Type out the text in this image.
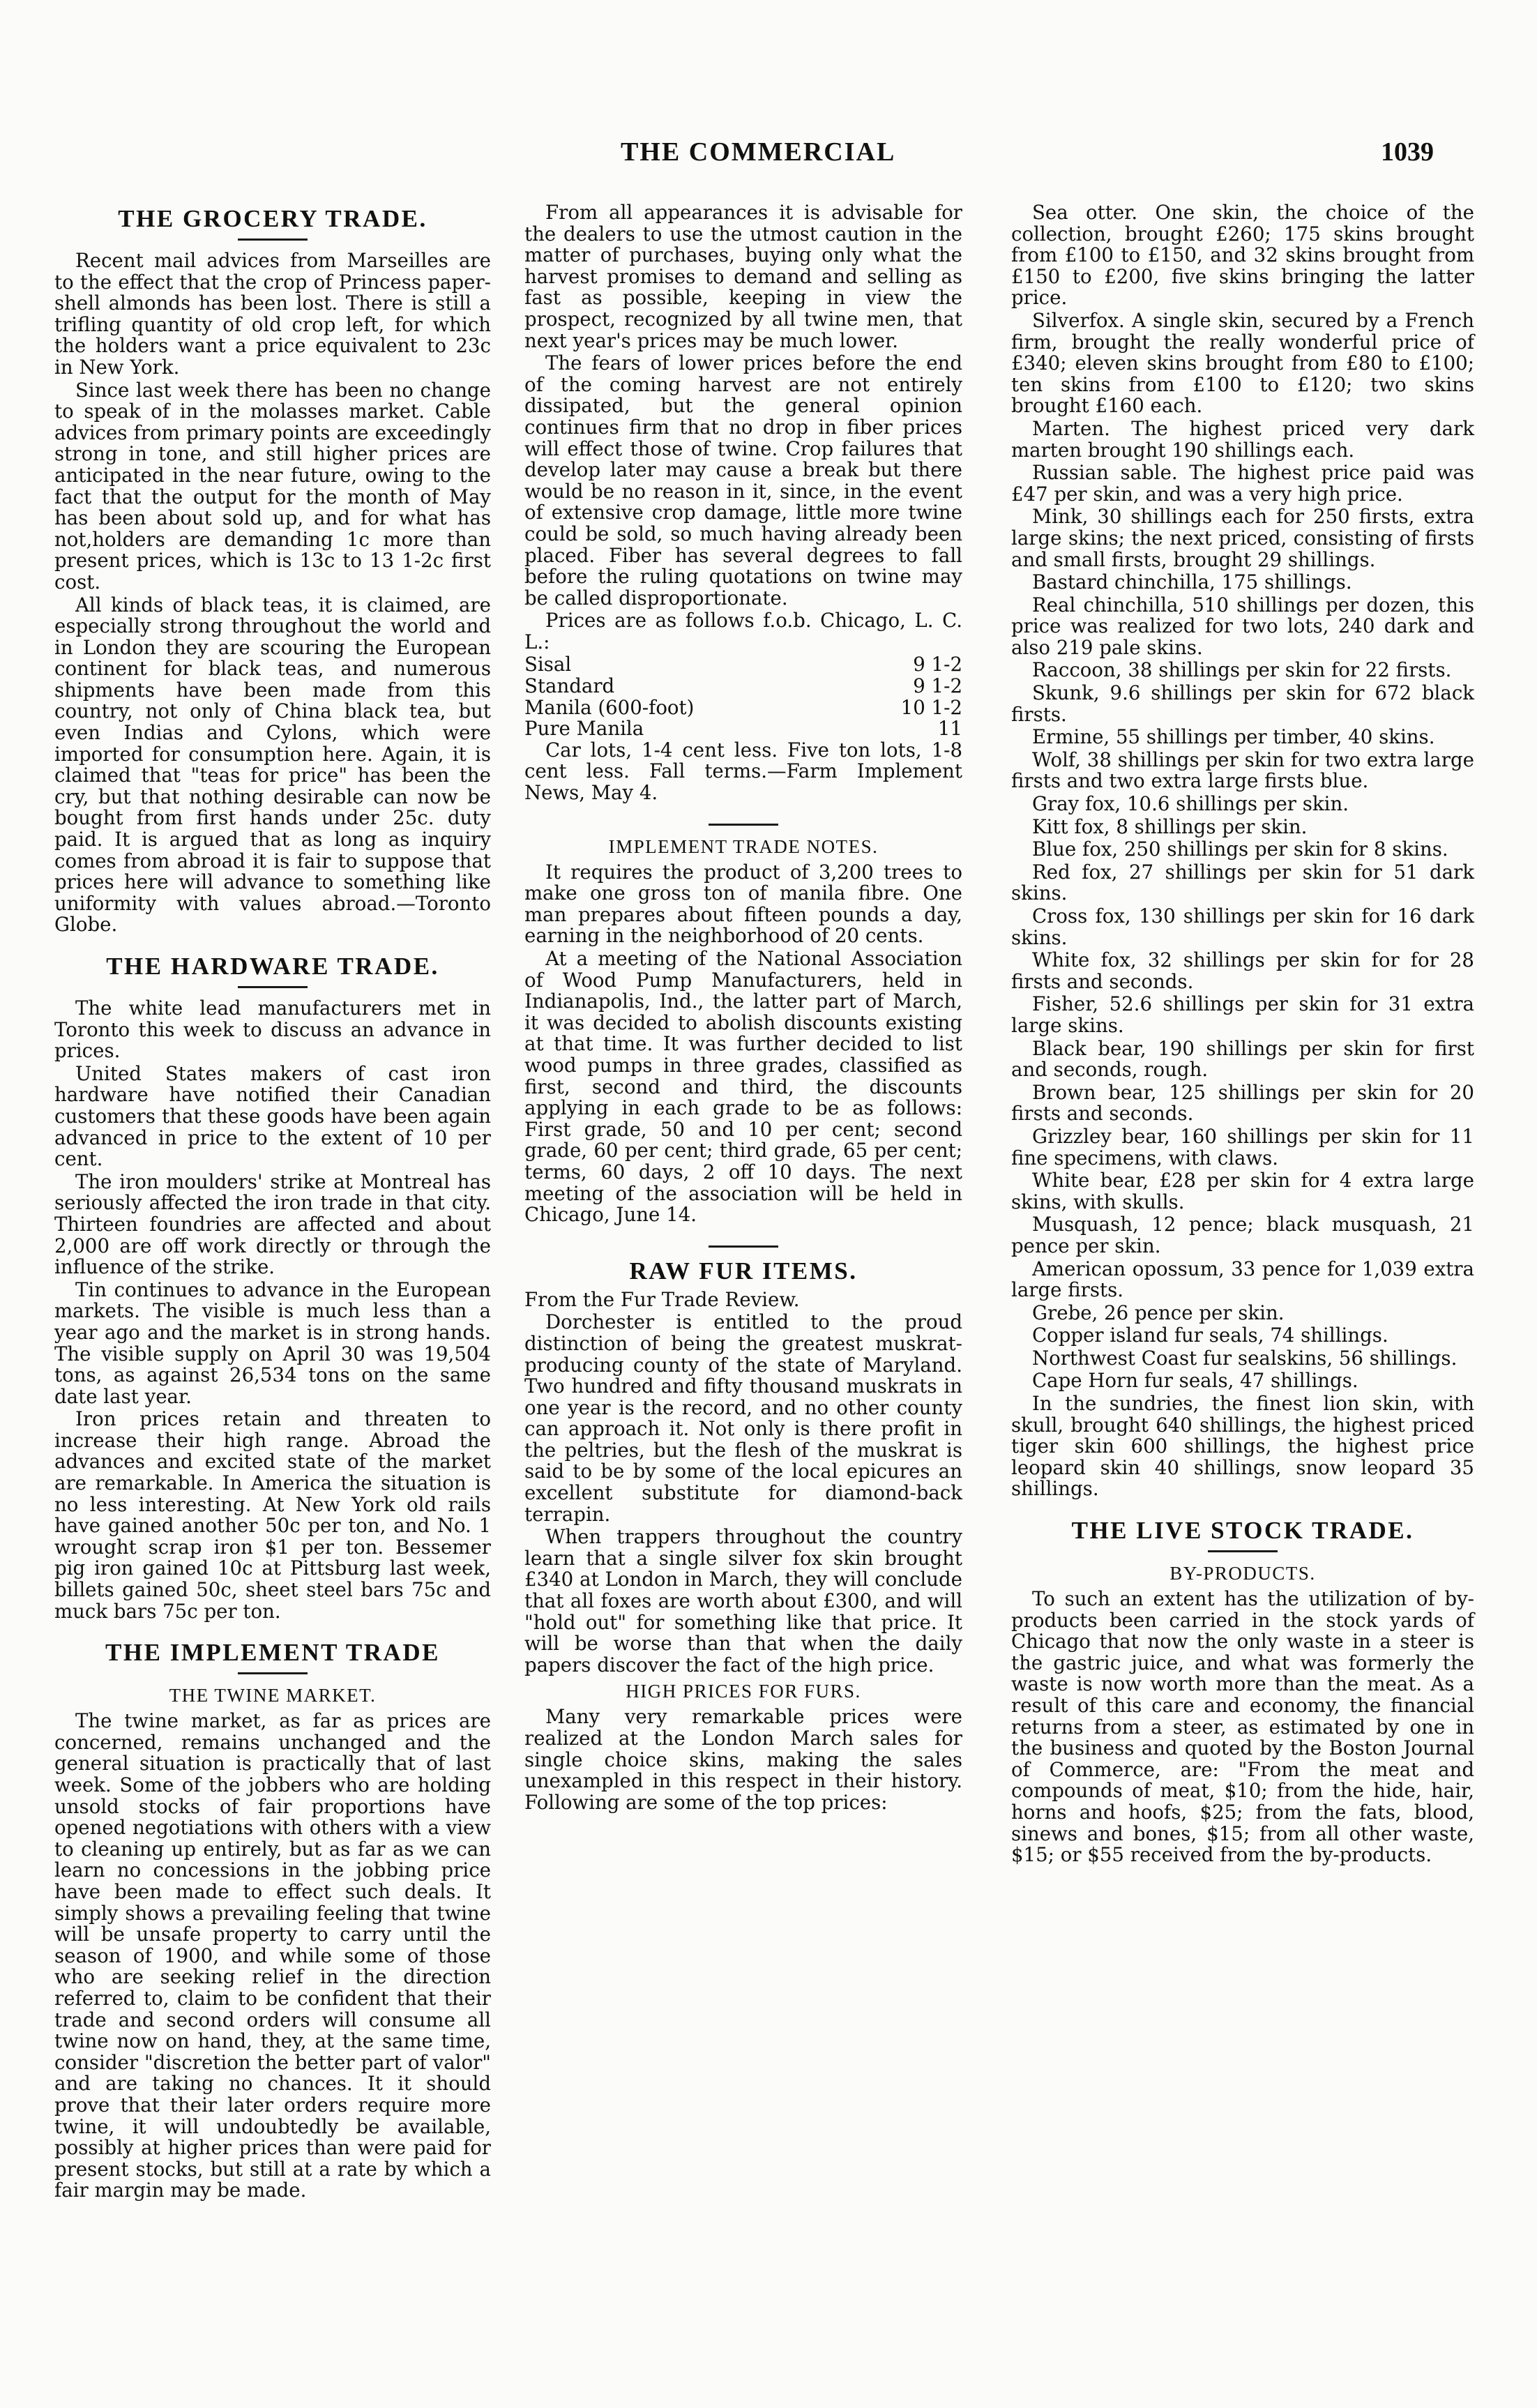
THE COMMERCIAL	1039
THE GROCERY TRADE.

Recent mail advices from Marseilles are to the effect that the crop of Princess paper-shell almonds has been lost. There is still a trifling quantity of old crop left, for which the holders want a price equivalent to 23c in New York.

Since last week there has been no change to speak of in the molasses market. Cable advices from primary points are exceedingly strong in tone, and still higher prices are anticipated in the near future, owing to the fact that the output for the month of May has been about sold up, and for what has not,holders are demanding 1c more than present prices, which is 13c to 13 1-2c first cost.

All kinds of black teas, it is claimed, are especially strong throughout the world and in London they are scouring the European continent for black teas, and numerous shipments have been made from this country, not only of China black tea, but even Indias and Cylons, which were imported for consumption here. Again, it is claimed that "teas for price" has been the cry, but that nothing desirable can now be bought from first hands under 25c. duty paid. It is argued that as long as inquiry comes from abroad it is fair to suppose that prices here will advance to something like uniformity with values abroad.—Toronto Globe.

THE HARDWARE TRADE.

The white lead manufacturers met in Toronto this week to discuss an advance in prices.

United States makers of cast iron hardware have notified their Canadian customers that these goods have been again advanced in price to the extent of 10 per cent.

The iron moulders' strike at Montreal has seriously affected the iron trade in that city. Thirteen foundries are affected and about 2,000 are off work directly or through the influence of the strike.

Tin continues to advance in the European markets. The visible is much less than a year ago and the market is in strong hands. The visible supply on April 30 was 19,504 tons, as against 26,534 tons on the same date last year.

Iron prices retain and threaten to increase their high range. Abroad the advances and excited state of the market are remarkable. In America the situation is no less interesting. At New York old rails have gained another 50c per ton, and No. 1 wrought scrap iron $1 per ton. Bessemer pig iron gained 10c at Pittsburg last week, billets gained 50c, sheet steel bars 75c and muck bars 75c per ton.

THE IMPLEMENT TRADE
THE TWINE MARKET.

The twine market, as far as prices are concerned, remains unchanged and the general situation is practically that of last week. Some of the jobbers who are holding unsold stocks of fair proportions have opened negotiations with others with a view to cleaning up entirely, but as far as we can learn no concessions in the jobbing price have been made to effect such deals. It simply shows a prevailing feeling that twine will be unsafe property to carry until the season of 1900, and while some of those who are seeking relief in the direction referred to, claim to be confident that their trade and second orders will consume all twine now on hand, they, at the same time, consider "discretion the better part of valor" and are taking no chances. It it should prove that their later orders require more twine, it will undoubtedly be available, possibly at higher prices than were paid for present stocks, but still at a rate by which a fair margin may be made.

From all appearances it is advisable for the dealers to use the utmost caution in the matter of purchases, buying only what the harvest promises to demand and selling as fast as possible, keeping in view the prospect, recognized by all twine men, that next year's prices may be much lower.

The fears of lower prices before the end of the coming harvest are not entirely dissipated, but the general opinion continues firm that no drop in fiber prices will effect those of twine. Crop failures that develop later may cause a break but there would be no reason in it, since, in the event of extensive crop damage, little more twine could be sold, so much having already been placed. Fiber has several degrees to fall before the ruling quotations on twine may be called disproportionate.

Prices are as follows f.o.b. Chicago, L. C. L.:

Sisal	9 1-2
Standard	9 1-2
Manila (600-foot)	10 1-2
Pure Manila	11

Car lots, 1-4 cent less. Five ton lots, 1-8 cent less. Fall terms.—Farm Implement News, May 4.

IMPLEMENT TRADE NOTES.

It requires the product of 3,200 trees to make one gross ton of manila fibre. One man prepares about fifteen pounds a day, earning in the neighborhood of 20 cents.

At a meeting of the National Association of Wood Pump Manufacturers, held in Indianapolis, Ind., the latter part of March, it was decided to abolish discounts existing at that time. It was further decided to list wood pumps in three grades, classified as first, second and third, the discounts applying in each grade to be as follows: First grade, 50 and 10 per cent; second grade, 60 per cent; third grade, 65 per cent; terms, 60 days, 2 off 10 days. The next meeting of the association will be held in Chicago, June 14.

RAW FUR ITEMS.

From the Fur Trade Review.

Dorchester is entitled to the proud distinction of being the greatest muskrat-producing county of the state of Maryland. Two hundred and fifty thousand muskrats in one year is the record, and no other county can approach it. Not only is there profit in the peltries, but the flesh of the muskrat is said to be by some of the local epicures an excellent substitute for diamond-back terrapin.

When trappers throughout the country learn that a single silver fox skin brought £340 at London in March, they will conclude that all foxes are worth about £300, and will "hold out" for something like that price. It will be worse than that when the daily papers discover the fact of the high price.

HIGH PRICES FOR FURS.

Many very remarkable prices were realized at the London March sales for single choice skins, making the sales unexampled in this respect in their history. Following are some of the top prices:

Sea otter. One skin, the choice of the collection, brought £260; 175 skins brought from £100 to £150, and 32 skins brought from £150 to £200, five skins bringing the latter price.

Silverfox. A single skin, secured by a French firm, brought the really wonderful price of £340; eleven skins brought from £80 to £100; ten skins from £100 to £120; two skins brought £160 each.

Marten. The highest priced very dark marten brought 190 shillings each.

Russian sable. The highest price paid was £47 per skin, and was a very high price.

Mink, 30 shillings each for 250 firsts, extra large skins; the next priced, consisting of firsts and small firsts, brought 29 shillings.

Bastard chinchilla, 175 shillings.

Real chinchilla, 510 shillings per dozen, this price was realized for two lots, 240 dark and also 219 pale skins.

Raccoon, 38 shillings per skin for 22 firsts.

Skunk, 9.6 shillings per skin for 672 black firsts.

Ermine, 55 shillings per timber, 40 skins.

Wolf, 38 shillings per skin for two extra large firsts and two extra large firsts blue.

Gray fox, 10.6 shillings per skin.

Kitt fox, 8 shillings per skin.

Blue fox, 250 shillings per skin for 8 skins.

Red fox, 27 shillings per skin for 51 dark skins.

Cross fox, 130 shillings per skin for 16 dark skins.

White fox, 32 shillings per skin for for 28 firsts and seconds.

Fisher, 52.6 shillings per skin for 31 extra large skins.

Black bear, 190 shillings per skin for first and seconds, rough.

Brown bear, 125 shillings per skin for 20 firsts and seconds.

Grizzley bear, 160 shillings per skin for 11 fine specimens, with claws.

White bear, £28 per skin for 4 extra large skins, with skulls.

Musquash, 12 pence; black musquash, 21 pence per skin.

American opossum, 33 pence for 1,039 extra large firsts.

Grebe, 26 pence per skin.

Copper island fur seals, 74 shillings.

Northwest Coast fur sealskins, 56 shillings.

Cape Horn fur seals, 47 shillings.

In the sundries, the finest lion skin, with skull, brought 640 shillings, the highest priced tiger skin 600 shillings, the highest price leopard skin 40 shillings, snow leopard 35 shillings.

THE LIVE STOCK TRADE.
BY-PRODUCTS.

To such an extent has the utilization of by-products been carried in the stock yards of Chicago that now the only waste in a steer is the gastric juice, and what was formerly the waste is now worth more than the meat. As a result of this care and economy, the financial returns from a steer, as estimated by one in the business and quoted by the Boston Journal of Commerce, are: "From the meat and compounds of meat, $10; from the hide, hair, horns and hoofs, $25; from the fats, blood, sinews and bones, $15; from all other waste, $15; or $55 received from the by-products.
